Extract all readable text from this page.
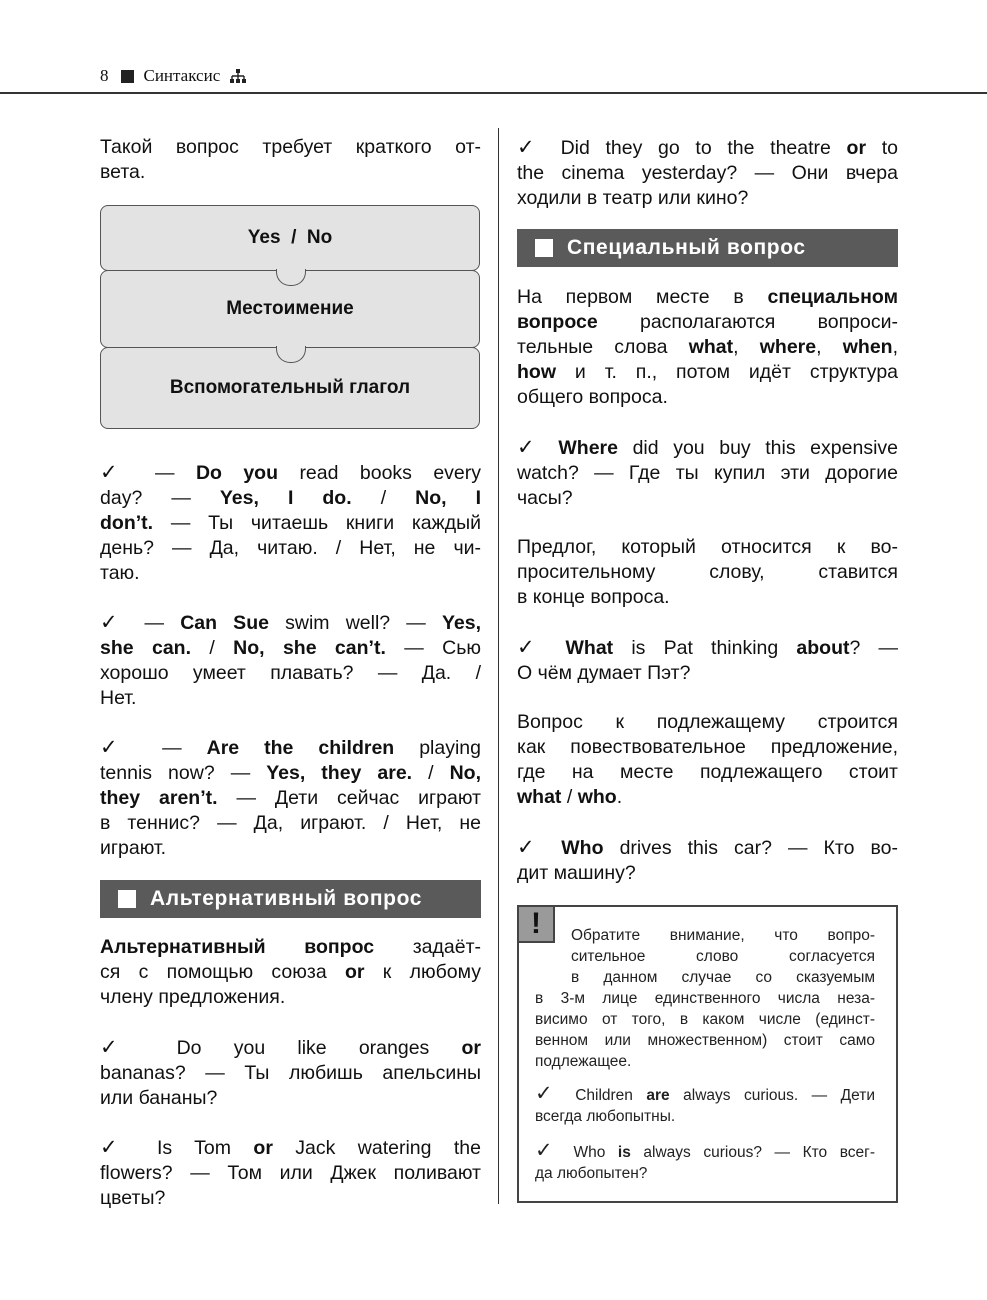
8 Синтаксис
Такой вопрос требует краткого от-
вета.
Yes  /  No
Местоимение
Вспомогательный глагол
✓ — Do you read books every
day? — Yes, I do. / No, I
don’t. — Ты читаешь книги каждый
день? — Да, читаю. / Нет, не чи-
таю.
✓ — Can Sue swim well? — Yes,
she can. / No, she can’t. — Сью
хорошо умеет плавать? — Да. /
Нет.
✓ — Are the children playing
tennis now? — Yes, they are. / No,
they aren’t. — Дети сейчас играют
в теннис? — Да, играют. / Нет, не
играют.
Альтернативный вопрос
Альтернативный вопрос задаёт-
ся с помощью союза or к любому
члену предложения.
✓ Do you like oranges or
bananas? — Ты любишь апельсины
или бананы?
✓ Is Tom or Jack watering the
flowers? — Том или Джек поливают
цветы?
✓ Did they go to the theatre or to
the cinema yesterday? — Они вчера
ходили в театр или кино?
Специальный вопрос
На первом месте в специальном
вопросе располагаются вопроси-
тельные слова what, where, when,
how и т. п., потом идёт структура
общего вопроса.
✓ Where did you buy this expensive
watch? — Где ты купил эти дорогие
часы?
Предлог, который относится к во-
просительному слову, ставится
в конце вопроса.
✓ What is Pat thinking about? —
О чём думает Пэт?
Вопрос к подлежащему строится
как повествовательное предложение,
где на месте подлежащего стоит
what / who.
✓ Who drives this car? — Кто во-
дит машину?
!	Обратите внимание, что вопро-
сительное слово согласуется
в данном случае со сказуемым
в 3-м лице единственного числа неза-
висимо от того, в каком числе (единст-
венном или множественном) стоит само
подлежащее.
✓ Children are always curious. — Дети
всегда любопытны.
✓ Who is always curious? — Кто всег-
да любопытен?
